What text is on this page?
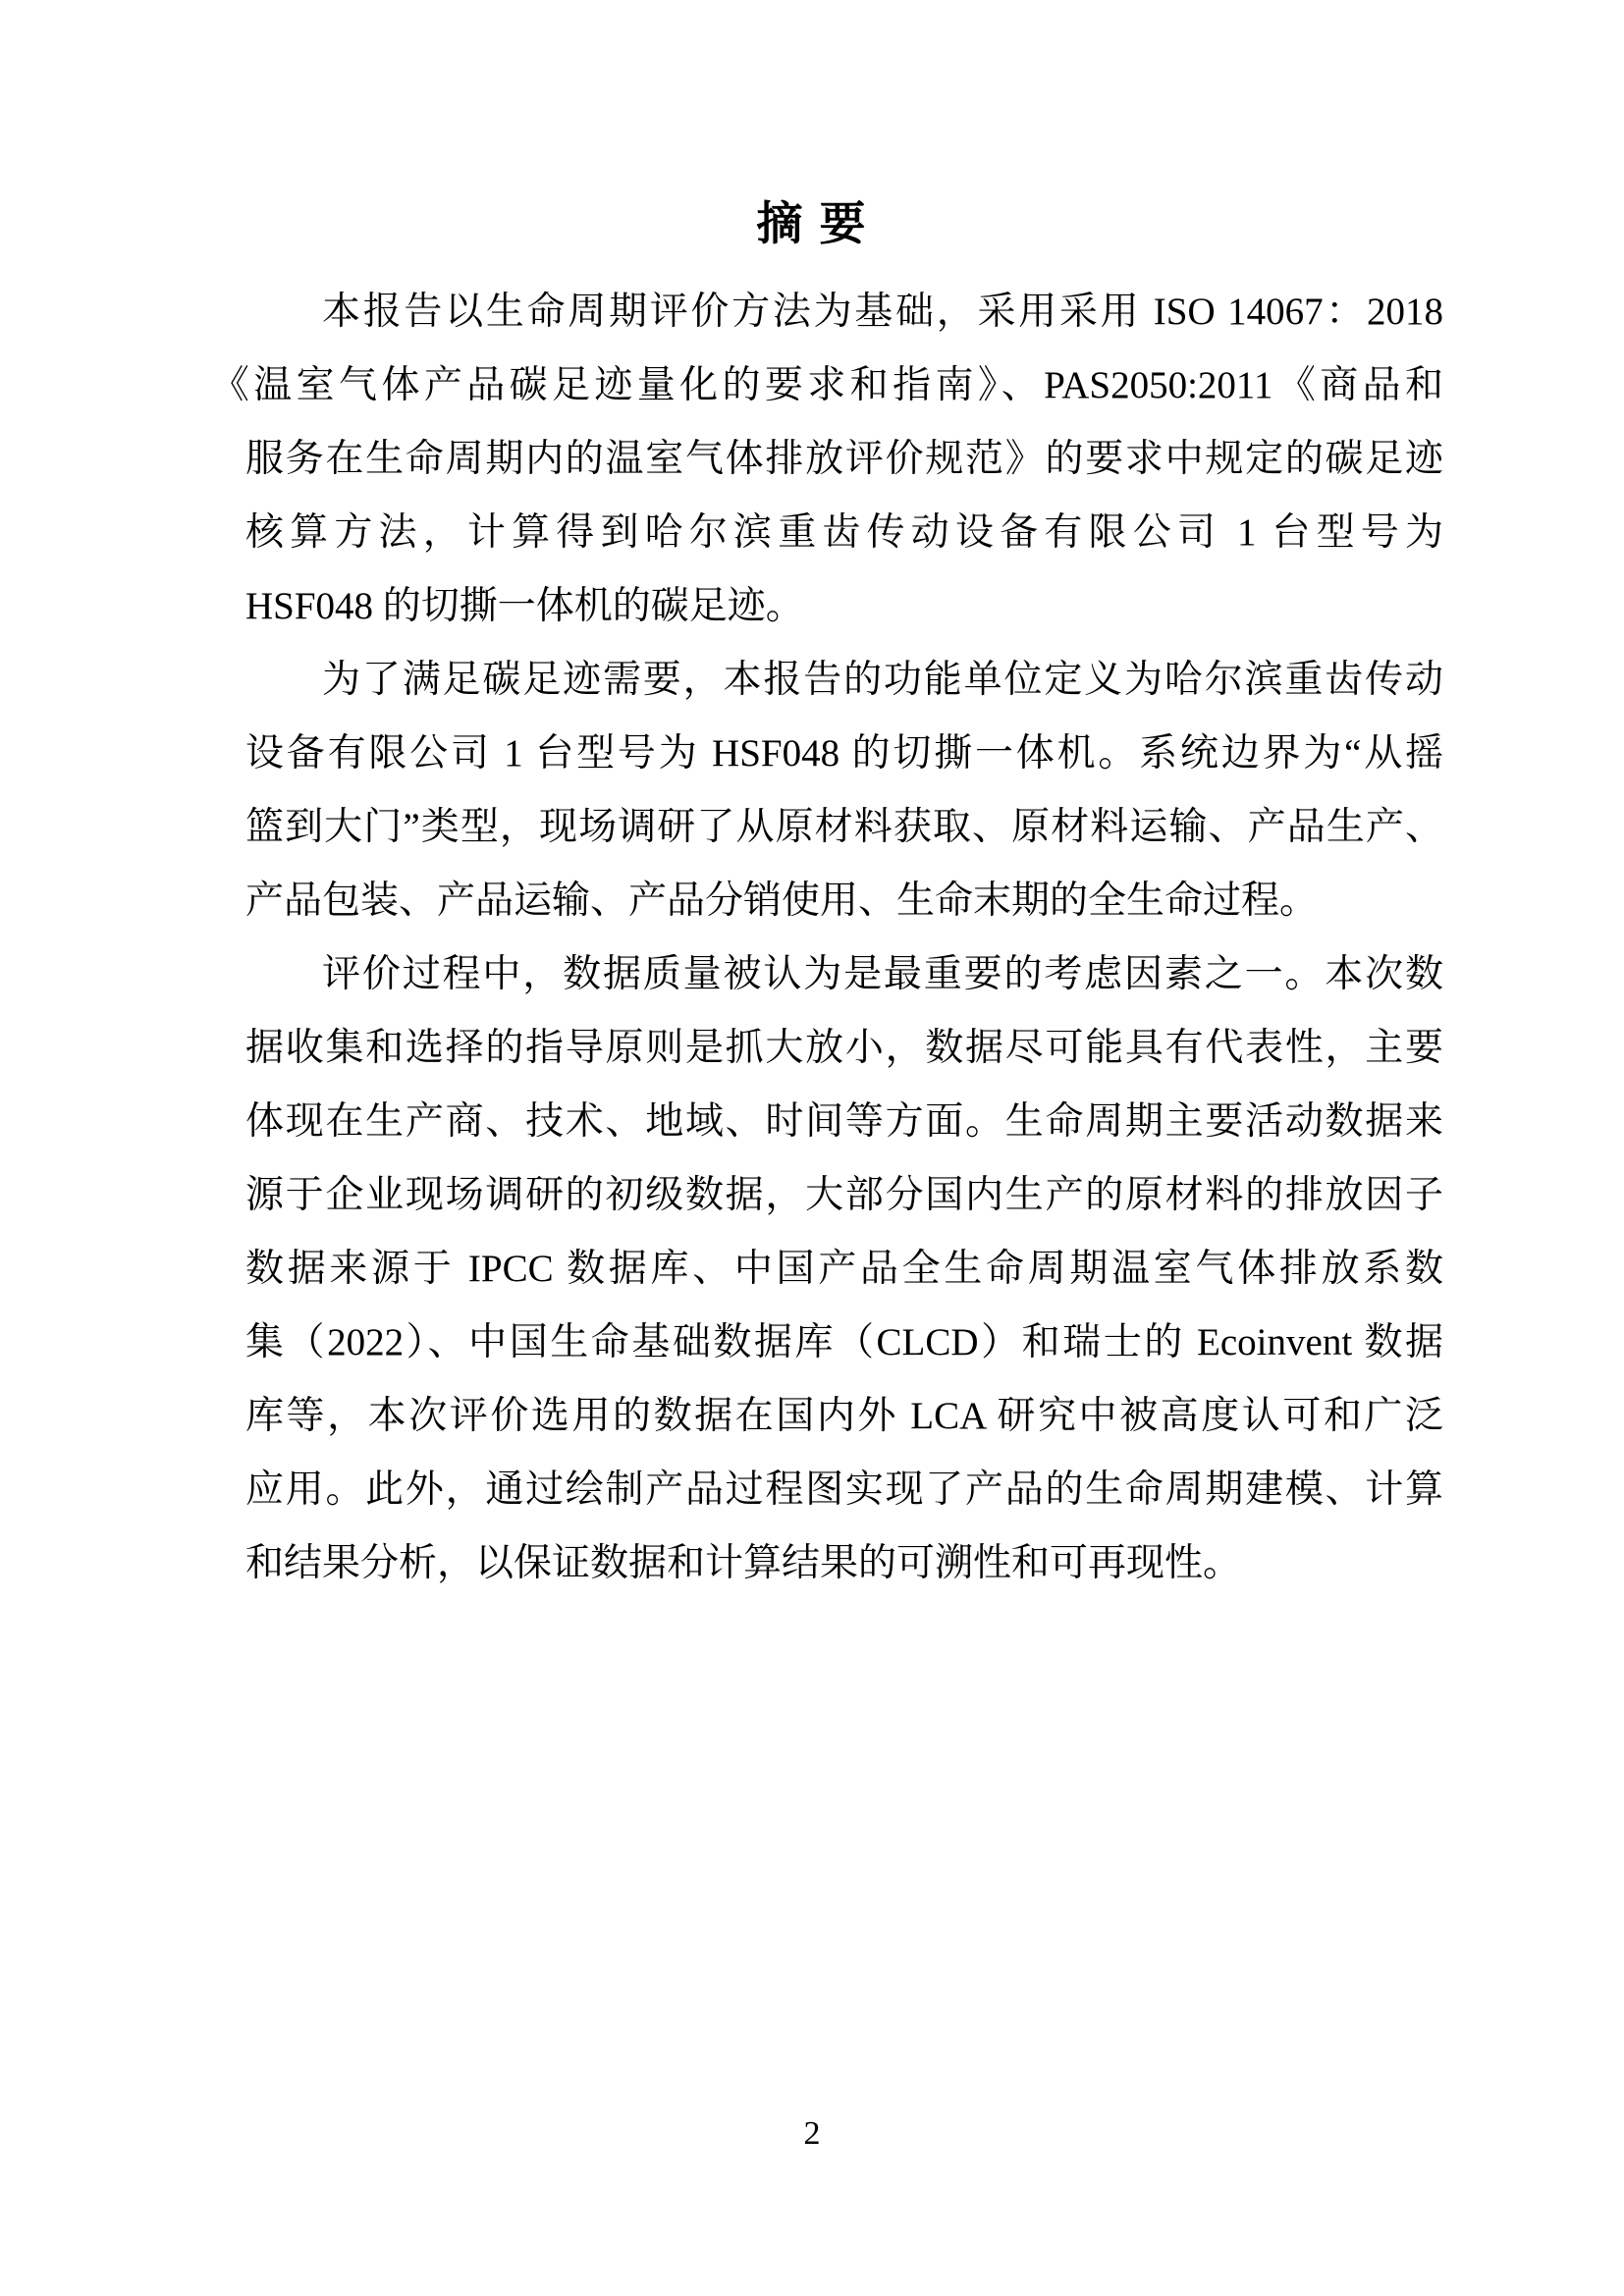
摘 要
本报告以生命周期评价方法为基础，采用采用 ISO 14067：2018
《温室气体产品碳足迹量化的要求和指南》、PAS2050:2011《商品和
服务在生命周期内的温室气体排放评价规范》的要求中规定的碳足迹
核算方法，计算得到哈尔滨重齿传动设备有限公司 1 台型号为
HSF048 的切撕一体机的碳足迹。
为了满足碳足迹需要，本报告的功能单位定义为哈尔滨重齿传动
设备有限公司 1 台型号为 HSF048 的切撕一体机。系统边界为“从摇
篮到大门”类型，现场调研了从原材料获取、原材料运输、产品生产、
产品包装、产品运输、产品分销使用、生命末期的全生命过程。
评价过程中，数据质量被认为是最重要的考虑因素之一。本次数
据收集和选择的指导原则是抓大放小，数据尽可能具有代表性，主要
体现在生产商、技术、地域、时间等方面。生命周期主要活动数据来
源于企业现场调研的初级数据，大部分国内生产的原材料的排放因子
数据来源于 IPCC 数据库、中国产品全生命周期温室气体排放系数
集（2022）、中国生命基础数据库（CLCD）和瑞士的 Ecoinvent 数据
库等，本次评价选用的数据在国内外 LCA 研究中被高度认可和广泛
应用。此外，通过绘制产品过程图实现了产品的生命周期建模、计算
和结果分析，以保证数据和计算结果的可溯性和可再现性。
2
